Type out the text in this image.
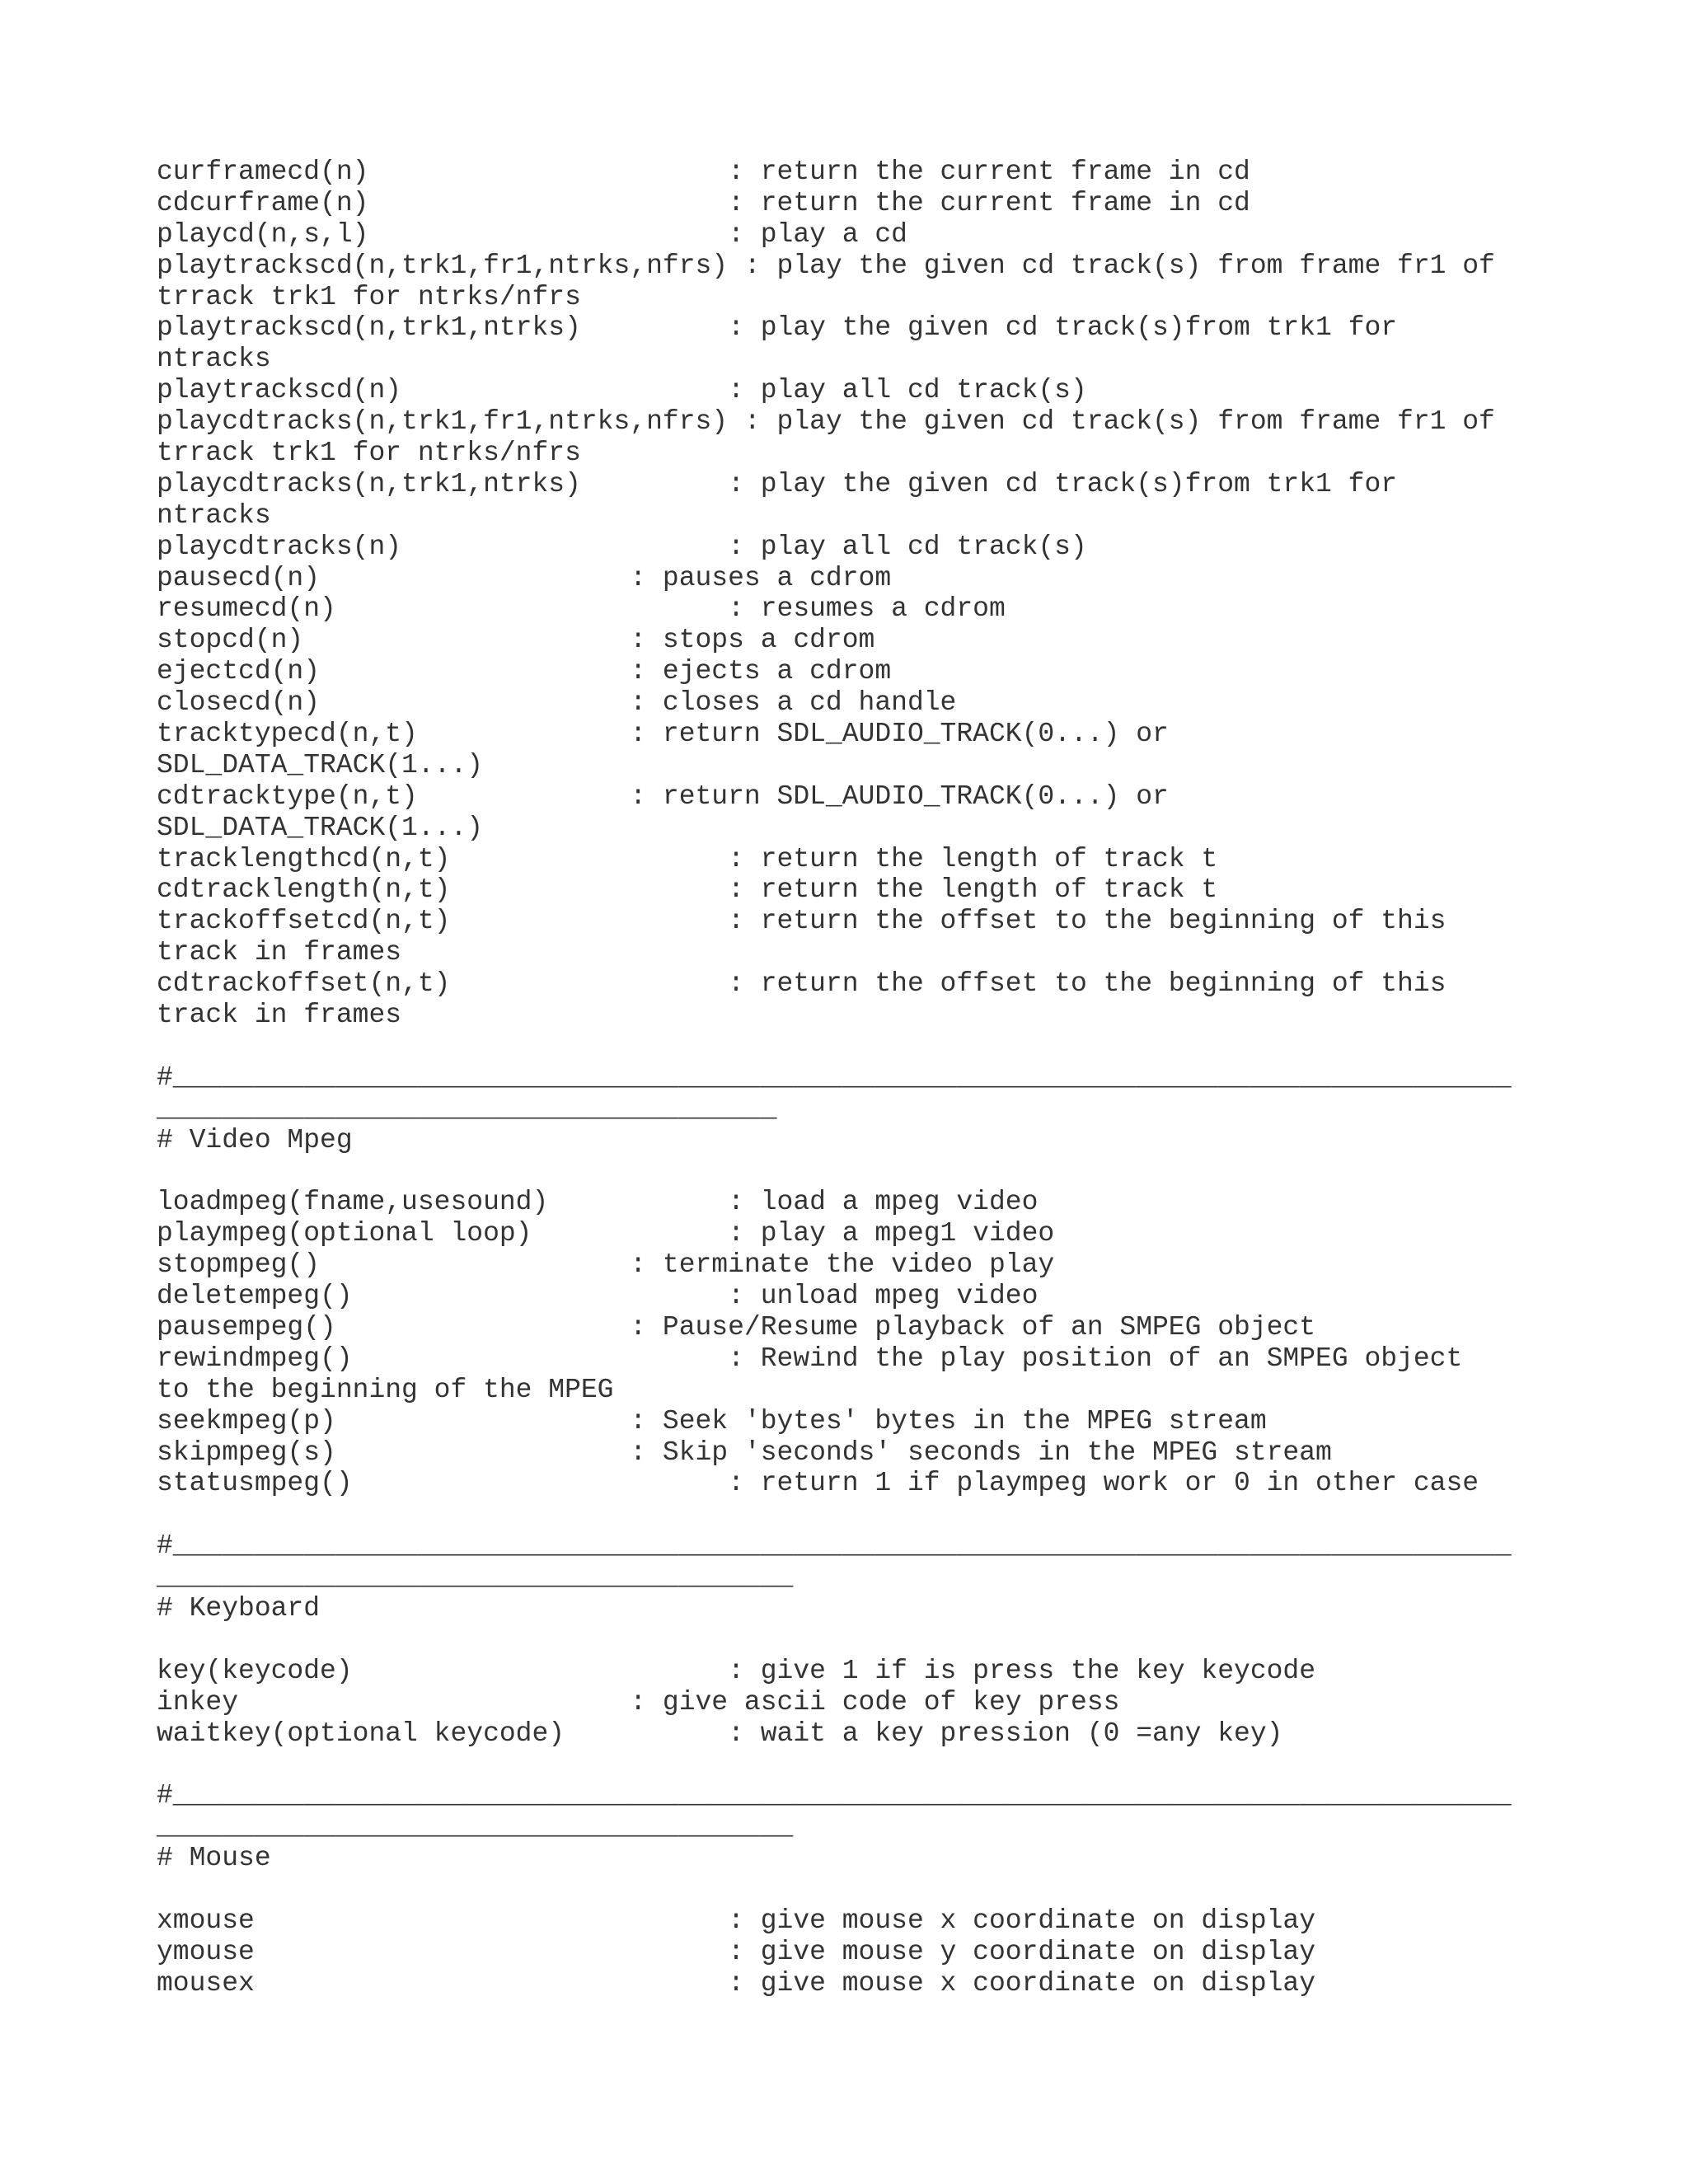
curframecd(n)                      : return the current frame in cd
cdcurframe(n)                      : return the current frame in cd
playcd(n,s,l)                      : play a cd
playtrackscd(n,trk1,fr1,ntrks,nfrs) : play the given cd track(s) from frame fr1 of
trrack trk1 for ntrks/nfrs
playtrackscd(n,trk1,ntrks)         : play the given cd track(s)from trk1 for
ntracks
playtrackscd(n)                    : play all cd track(s)
playcdtracks(n,trk1,fr1,ntrks,nfrs) : play the given cd track(s) from frame fr1 of
trrack trk1 for ntrks/nfrs
playcdtracks(n,trk1,ntrks)         : play the given cd track(s)from trk1 for
ntracks
playcdtracks(n)                    : play all cd track(s)
pausecd(n)                   : pauses a cdrom
resumecd(n)                        : resumes a cdrom
stopcd(n)                    : stops a cdrom
ejectcd(n)                   : ejects a cdrom
closecd(n)                   : closes a cd handle
tracktypecd(n,t)             : return SDL_AUDIO_TRACK(0...) or
SDL_DATA_TRACK(1...)
cdtracktype(n,t)             : return SDL_AUDIO_TRACK(0...) or
SDL_DATA_TRACK(1...)
tracklengthcd(n,t)                 : return the length of track t
cdtracklength(n,t)                 : return the length of track t
trackoffsetcd(n,t)                 : return the offset to the beginning of this
track in frames
cdtrackoffset(n,t)                 : return the offset to the beginning of this
track in frames
#__________________________________________________________________________________
______________________________________
# Video Mpeg
loadmpeg(fname,usesound)           : load a mpeg video
plaympeg(optional loop)            : play a mpeg1 video
stopmpeg()                   : terminate the video play
deletempeg()                       : unload mpeg video
pausempeg()                  : Pause/Resume playback of an SMPEG object
rewindmpeg()                       : Rewind the play position of an SMPEG object
to the beginning of the MPEG
seekmpeg(p)                  : Seek 'bytes' bytes in the MPEG stream
skipmpeg(s)                  : Skip 'seconds' seconds in the MPEG stream
statusmpeg()                       : return 1 if plaympeg work or 0 in other case
#__________________________________________________________________________________
_______________________________________
# Keyboard
key(keycode)                       : give 1 if is press the key keycode
inkey                        : give ascii code of key press
waitkey(optional keycode)          : wait a key pression (0 =any key)
#__________________________________________________________________________________
_______________________________________
# Mouse
xmouse                             : give mouse x coordinate on display
ymouse                             : give mouse y coordinate on display
mousex                             : give mouse x coordinate on display
